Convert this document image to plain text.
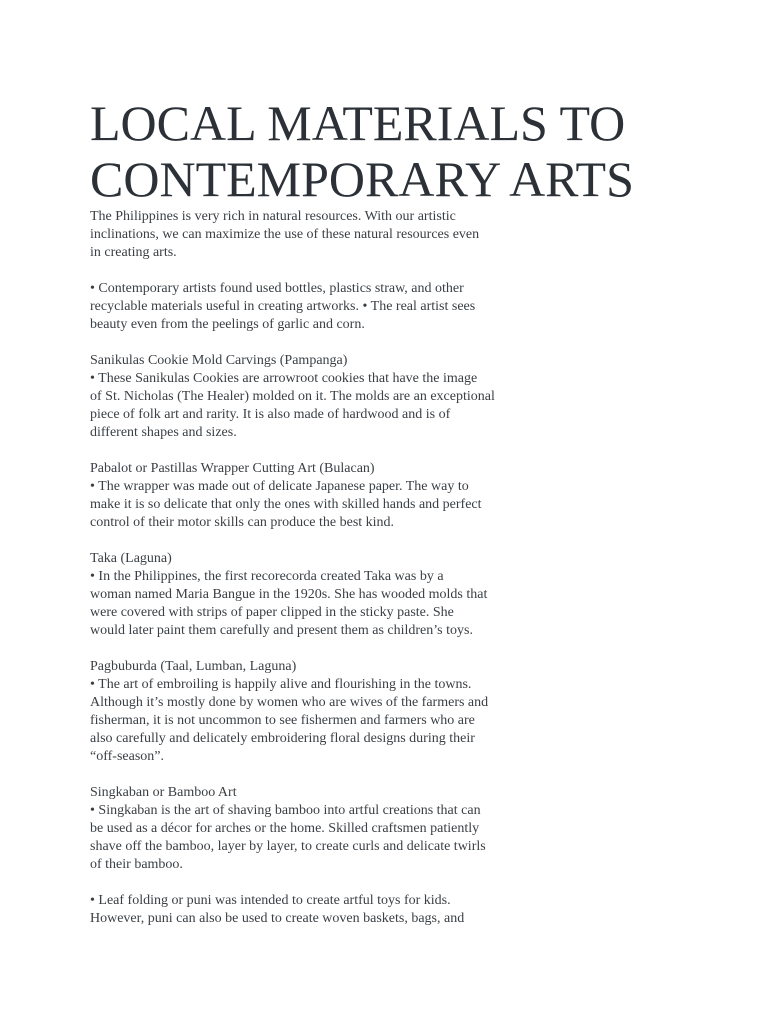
LOCAL MATERIALS TO
CONTEMPORARY ARTS

The Philippines is very rich in natural resources. With our artistic
inclinations, we can maximize the use of these natural resources even
in creating arts.

• Contemporary artists found used bottles, plastics straw, and other
recyclable materials useful in creating artworks. • The real artist sees
beauty even from the peelings of garlic and corn.

Sanikulas Cookie Mold Carvings (Pampanga)
• These Sanikulas Cookies are arrowroot cookies that have the image
of St. Nicholas (The Healer) molded on it. The molds are an exceptional
piece of folk art and rarity. It is also made of hardwood and is of
different shapes and sizes.

Pabalot or Pastillas Wrapper Cutting Art (Bulacan)
• The wrapper was made out of delicate Japanese paper. The way to
make it is so delicate that only the ones with skilled hands and perfect
control of their motor skills can produce the best kind.

Taka (Laguna)
• In the Philippines, the first recorecorda created Taka was by a
woman named Maria Bangue in the 1920s. She has wooded molds that
were covered with strips of paper clipped in the sticky paste. She
would later paint them carefully and present them as children’s toys.

Pagbuburda (Taal, Lumban, Laguna)
• The art of embroiling is happily alive and flourishing in the towns.
Although it’s mostly done by women who are wives of the farmers and
fisherman, it is not uncommon to see fishermen and farmers who are
also carefully and delicately embroidering floral designs during their
“off-season”.

Singkaban or Bamboo Art
• Singkaban is the art of shaving bamboo into artful creations that can
be used as a décor for arches or the home. Skilled craftsmen patiently
shave off the bamboo, layer by layer, to create curls and delicate twirls
of their bamboo.

• Leaf folding or puni was intended to create artful toys for kids.
However, puni can also be used to create woven baskets, bags, and
